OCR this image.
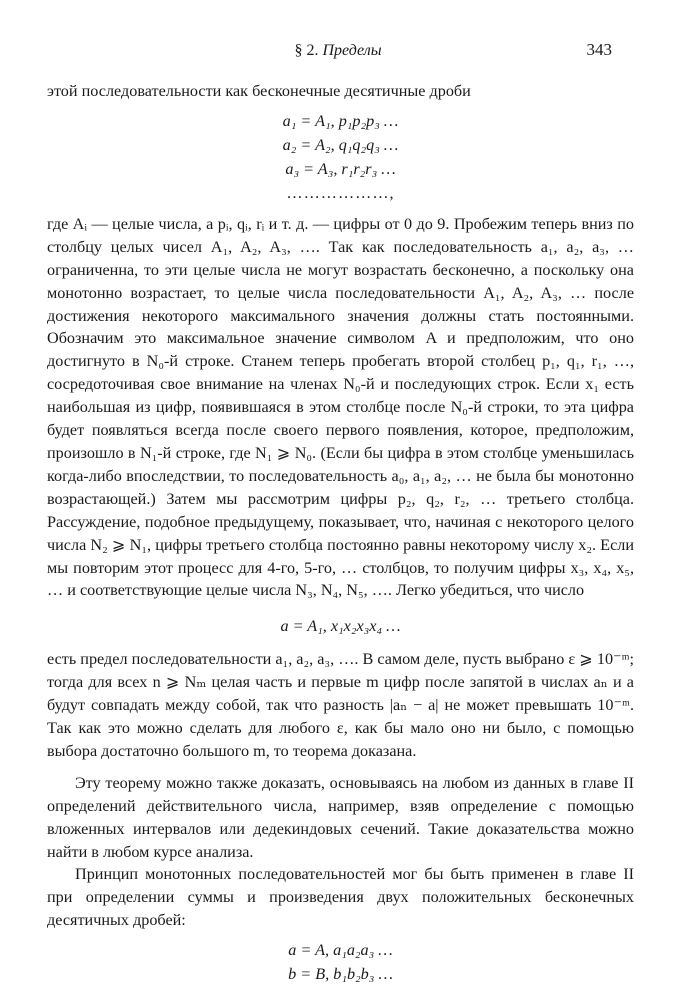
§ 2. Пределы	343

этой последовательности как бесконечные десятичные дроби

a₁ = A₁, p₁p₂p₃ …
a₂ = A₂, q₁q₂q₃ …
a₃ = A₃, r₁r₂r₃ …
………………,

где Aᵢ — целые числа, а pᵢ, qᵢ, rᵢ и т. д. — цифры от 0 до 9. Пробежим теперь вниз по столбцу целых чисел A₁, A₂, A₃, …. Так как последовательность a₁, a₂, a₃, … ограниченна, то эти целые числа не могут возрастать бесконечно, а поскольку она монотонно возрастает, то целые числа последовательности A₁, A₂, A₃, … после достижения некоторого максимального значения должны стать постоянными. Обозначим это максимальное значение символом A и предположим, что оно достигнуто в N₀-й строке. Станем теперь пробегать второй столбец p₁, q₁, r₁, …, сосредоточивая свое внимание на членах N₀-й и последующих строк. Если x₁ есть наибольшая из цифр, появившаяся в этом столбце после N₀-й строки, то эта цифра будет появляться всегда после своего первого появления, которое, предположим, произошло в N₁-й строке, где N₁ ⩾ N₀. (Если бы цифра в этом столбце уменьшилась когда-либо впоследствии, то последовательность a₀, a₁, a₂, … не была бы монотонно возрастающей.) Затем мы рассмотрим цифры p₂, q₂, r₂, … третьего столбца. Рассуждение, подобное предыдущему, показывает, что, начиная с некоторого целого числа N₂ ⩾ N₁, цифры третьего столбца постоянно равны некоторому числу x₂. Если мы повторим этот процесс для 4-го, 5-го, … столбцов, то получим цифры x₃, x₄, x₅, … и соответствующие целые числа N₃, N₄, N₅, …. Легко убедиться, что число

a = A₁, x₁x₂x₃x₄ …

есть предел последовательности a₁, a₂, a₃, …. В самом деле, пусть выбрано ε ⩾ 10⁻ᵐ; тогда для всех n ⩾ Nₘ целая часть и первые m цифр после запятой в числах aₙ и a будут совпадать между собой, так что разность |aₙ − a| не может превышать 10⁻ᵐ. Так как это можно сделать для любого ε, как бы мало оно ни было, с помощью выбора достаточно большого m, то теорема доказана.

Эту теорему можно также доказать, основываясь на любом из данных в главе II определений действительного числа, например, взяв определение с помощью вложенных интервалов или дедекиндовых сечений. Такие доказательства можно найти в любом курсе анализа.

Принцип монотонных последовательностей мог бы быть применен в главе II при определении суммы и произведения двух положительных бесконечных десятичных дробей:

a = A, a₁a₂a₃ …
b = B, b₁b₂b₃ …
